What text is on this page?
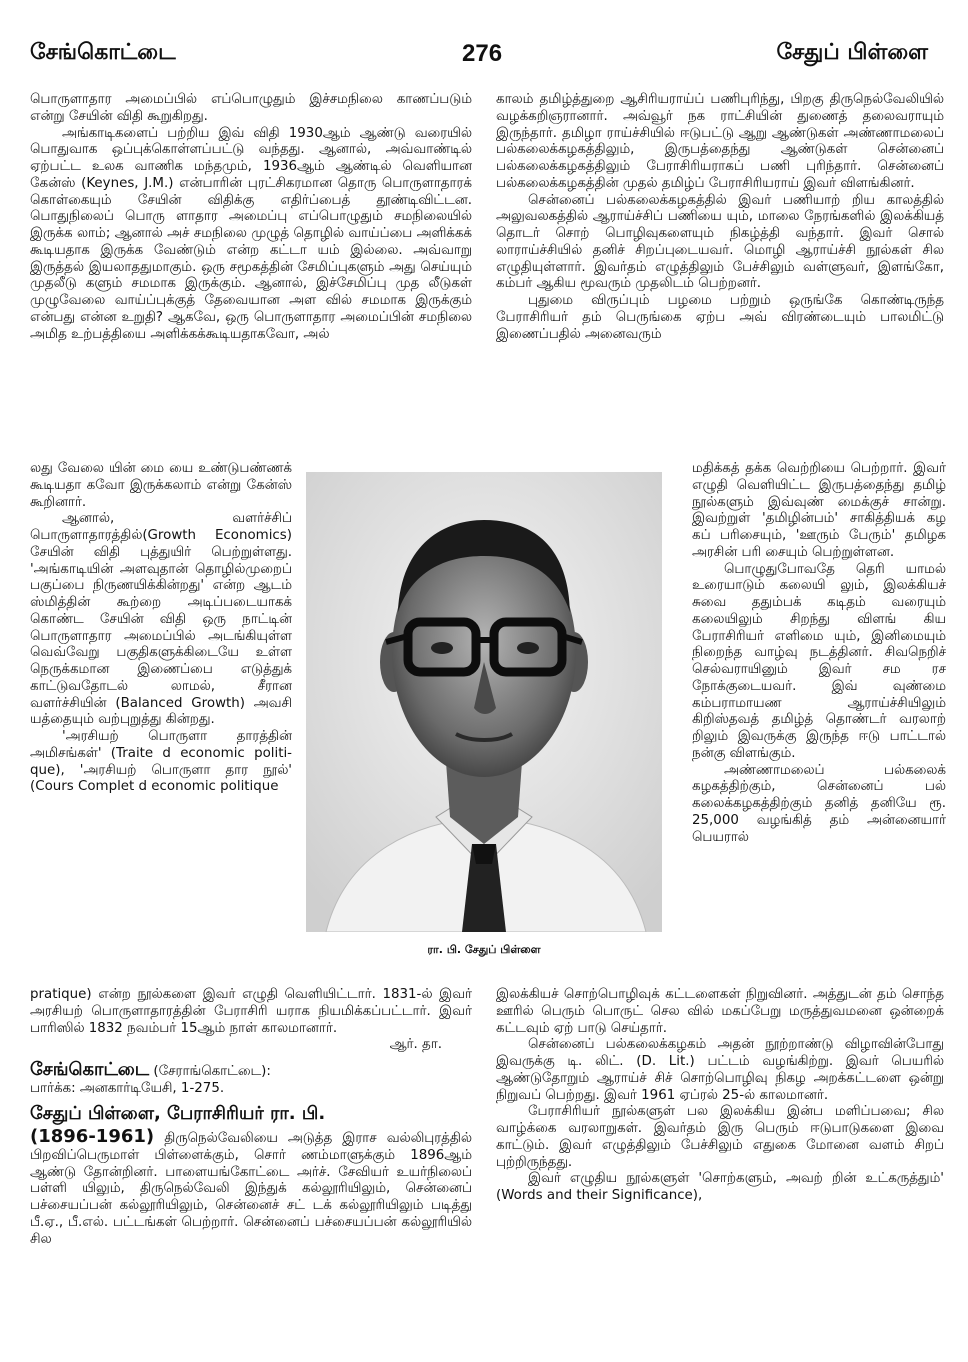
சேங்கொட்டை	276	சேதுப் பிள்ளை

பொருளாதார அமைப்பில் எப்பொழுதும் இச்சமநிலை காணப்படும் என்று சேயின் விதி கூறுகிறது.

அங்காடிகளைப் பற்றிய இவ் விதி 1930ஆம் ஆண்டு வரையில் பொதுவாக ஒப்புக்கொள்ளப்பட்டு வந்தது. ஆனால், அவ்வாண்டில் ஏற்பட்ட உலக வாணிக மந்தமும், 1936ஆம் ஆண்டில் வெளியான கேன்ஸ் (Keynes, J.M.) என்பாரின் புரட்சிகரமான தொரு பொருளாதாரக் கொள்கையும் சேயின் விதிக்கு எதிர்ப்பைத் தூண்டிவிட்டன. பொதுநிலைப் பொரு ளாதார அமைப்பு எப்பொழுதும் சமநிலையில் இருக்க லாம்; ஆனால் அச் சமநிலை முழுத் தொழில் வாய்ப்பை அளிக்கக் கூடியதாக இருக்க வேண்டும் என்ற கட்டா யம் இல்லை. அவ்வாறு இருத்தல் இயலாததுமாகும். ஒரு சமூகத்தின் சேமிப்புகளும் அது செய்யும் முதலீடு களும் சமமாக இருக்கும். ஆனால், இச்சேமிப்பு முத லீடுகள் முழுவேலை வாய்ப்புக்குத் தேவையான அள வில் சமமாக இருக்கும் என்பது என்ன உறுதி? ஆகவே, ஒரு பொருளாதார அமைப்பின் சமநிலை அமித உற்பத்தியை அளிக்கக்கூடியதாகவோ, அல்

லது வேலை யின் மை யை உண்டுபண்ணக் கூடியதா கவோ இருக்கலாம் என்று கேன்ஸ் கூறினார்.

ஆனால், வளர்ச்சிப் பொருளாதாரத்தில்(Growth Economics) சேயின் விதி புத்துயிர் பெற்றுள்ளது. 'அங்காடியின் அளவுதான் தொழில்முறைப் பகுப்பை நிருணயிக்கின்றது' என்ற ஆடம் ஸ்மித்தின் கூற்றை அடிப்படையாகக் கொண்ட சேயின் விதி ஒரு நாட்டின் பொருளாதார அமைப்பில் அடங்கியுள்ள வெவ்வேறு பகுதிகளுக்கிடையே உள்ள நெருக்கமான இணைப்பை எடுத்துக் காட்டுவதோடல் லாமல், சீரான வளர்ச்சியின் (Balanced Growth) அவசி யத்தையும் வற்புறுத்து கின்றது.

'அரசியற் பொருளா தாரத்தின் அமிசங்கள்' (Traite d economic politi- que), 'அரசியற் பொருளா தார நூல்' (Cours Complet d economic politique

pratique) என்ற நூல்களை இவர் எழுதி வெளியிட்டார். 1831-ல் இவர் அரசியற் பொருளாதாரத்தின் பேராசிரி யராக நியமிக்கப்பட்டார். இவர் பாரிஸில் 1832 நவம்பர் 15ஆம் நாள் காலமானார்.

ஆர். தா.

சேங்கொட்டை (சேராங்கொட்டை):

பார்க்க: அனகார்டியேசி, 1-275.

சேதுப் பிள்ளை, பேராசிரியர் ரா. பி.

(1896-1961) திருநெல்வேலியை அடுத்த இராச வல்லிபுரத்தில் பிறவிப்பெருமாள் பிள்ளைக்கும், சொர் ணம்மாளுக்கும் 1896ஆம் ஆண்டு தோன்றினர். பாளையங்கோட்டை அர்ச். சேவியர் உயர்நிலைப் பள்ளி யிலும், திருநெல்வேலி இந்துக் கல்லூரியிலும், சென்னைப் பச்சையப்பன் கல்லூரியிலும், சென்னைச் சட் டக் கல்லூரியிலும் படித்து பீ.ஏ., பீ.எல். பட்டங்கள் பெற்றார். சென்னைப் பச்சையப்பன் கல்லூரியில் சில

காலம் தமிழ்த்துறை ஆசிரியராய்ப் பணிபுரிந்து, பிறகு திருநெல்வேலியில் வழக்கறிஞரானார். அவ்வூர் நக ராட்சியின் துணைத் தலைவராயும் இருந்தார். தமிழா ராய்ச்சியில் ஈடுபட்டு ஆறு ஆண்டுகள் அண்ணாமலைப் பல்கலைக்கழகத்திலும், இருபத்தைந்து ஆண்டுகள் சென்னைப் பல்கலைக்கழகத்திலும் பேராசிரியராகப் பணி புரிந்தார். சென்னைப் பல்கலைக்கழகத்தின் முதல் தமிழ்ப் பேராசிரியராய் இவர் விளங்கினர்.

சென்னைப் பல்கலைக்கழகத்தில் இவர் பணியாற் றிய காலத்தில் அலுவலகத்தில் ஆராய்ச்சிப் பணியை யும், மாலை நேரங்களில் இலக்கியத் தொடர் சொற் பொழிவுகளையும் நிகழ்த்தி வந்தார். இவர் சொல் லாராய்ச்சியில் தனிச் சிறப்புடையவர். மொழி ஆராய்ச்சி நூல்கள் சில எழுதியுள்ளார். இவர்தம் எழுத்திலும் பேச்சிலும் வள்ளுவர், இளங்கோ, கம்பர் ஆகிய மூவரும் முதலிடம் பெற்றனர்.

புதுமை விருப்பும் பழமை பற்றும் ஒருங்கே கொண்டிருந்த பேராசிரியர் தம் பெருங்கை ஏற்ப அவ் விரண்டையும் பாலமிட்டு இணைப்பதில் அனைவரும்

மதிக்கத் தக்க வெற்றியை பெற்றார். இவர் எழுதி வெளியிட்ட இருபத்தைந்து தமிழ் நூல்களும் இவ்வுண் மைக்குச் சான்று. இவற்றுள் 'தமிழின்பம்' சாகித்தியக் கழ கப் பரிசையும், 'ஊரும் பேரும்' தமிழக அரசின் பரி சையும் பெற்றுள்ளன.

பொழுதுபோவதே தெரி யாமல் உரையாடும் கலையி லும், இலக்கியச் சுவை ததும்பக் கடிதம் வரையும் கலையிலும் சிறந்து விளங் கிய பேராசிரியர் எளிமை யும், இனிமையும் நிறைந்த வாழ்வு நடத்தினர். சிவநெறிச் செல்வராயினும் இவர் சம ரச நோக்குடையவர். இவ் வுண்மை கம்பராமாயண ஆராய்ச்சியிலும் கிறிஸ்தவத் தமிழ்த் தொண்டர் வரலாற் றிலும் இவருக்கு இருந்த ஈடு பாட்டால் நன்கு விளங்கும்.

அண்ணாமலைப் பல்கலைக் கழகத்திற்கும், சென்னைப் பல் கலைக்கழகத்திற்கும் தனித் தனியே ரூ. 25,000 வழங்கித் தம் அன்னையார் பெயரால்

இலக்கியச் சொற்பொழிவுக் கட்டளைகள் நிறுவினர். அத்துடன் தம் சொந்த ஊரில் பெரும் பொருட் செல வில் மகப்பேறு மருத்துவமனை ஒன்றைக் கட்டவும் ஏற் பாடு செய்தார்.

சென்னைப் பல்கலைக்கழகம் அதன் நூற்றாண்டு விழாவின்போது இவருக்கு டி. லிட். (D. Lit.) பட்டம் வழங்கிற்று. இவர் பெயரில் ஆண்டுதோறும் ஆராய்ச் சிச் சொற்பொழிவு நிகழ அறக்கட்டளை ஒன்று நிறுவப் பெற்றது. இவர் 1961 ஏப்ரல் 25-ல் காலமானர்.

பேராசிரியர் நூல்களுள் பல இலக்கிய இன்ப மளிப்பவை; சில வாழ்க்கை வரலாறுகள். இவர்தம் இரு பெரும் ஈடுபாடுகளை இவை காட்டும். இவர் எழுத்திலும் பேச்சிலும் எதுகை மோனை வளம் சிறப் புற்றிருந்தது.

இவர் எழுதிய நூல்களுள் 'சொற்களும், அவற் றின் உட்கருத்தும்' (Words and their Significance),

ரா. பி. சேதுப் பிள்ளை
